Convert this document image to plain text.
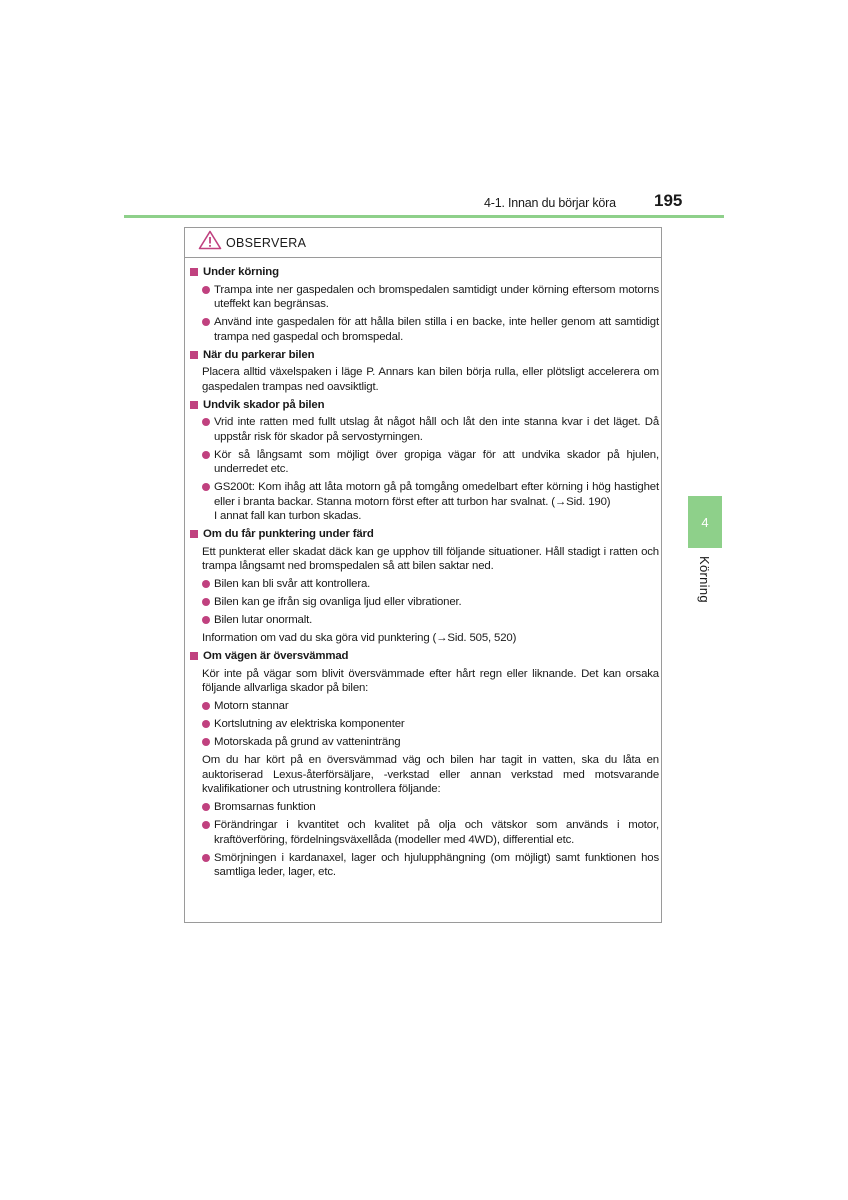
4-1. Innan du börjar köra 195
4
Körning
OBSERVERA
Under körning
Trampa inte ner gaspedalen och bromspedalen samtidigt under körning eftersom motorns uteffekt kan begränsas.
Använd inte gaspedalen för att hålla bilen stilla i en backe, inte heller genom att samtidigt trampa ned gaspedal och bromspedal.
När du parkerar bilen
Placera alltid växelspaken i läge P. Annars kan bilen börja rulla, eller plötsligt accelerera om gaspedalen trampas ned oavsiktligt.
Undvik skador på bilen
Vrid inte ratten med fullt utslag åt något håll och låt den inte stanna kvar i det läget. Då uppstår risk för skador på servostyrningen.
Kör så långsamt som möjligt över gropiga vägar för att undvika skador på hjulen, underredet etc.
GS200t: Kom ihåg att låta motorn gå på tomgång omedelbart efter körning i hög hastighet eller i branta backar. Stanna motorn först efter att turbon har svalnat. (→Sid. 190)
I annat fall kan turbon skadas.
Om du får punktering under färd
Ett punkterat eller skadat däck kan ge upphov till följande situationer. Håll stadigt i ratten och trampa långsamt ned bromspedalen så att bilen saktar ned.
Bilen kan bli svår att kontrollera.
Bilen kan ge ifrån sig ovanliga ljud eller vibrationer.
Bilen lutar onormalt.
Information om vad du ska göra vid punktering (→Sid. 505, 520)
Om vägen är översvämmad
Kör inte på vägar som blivit översvämmade efter hårt regn eller liknande. Det kan orsaka följande allvarliga skador på bilen:
Motorn stannar
Kortslutning av elektriska komponenter
Motorskada på grund av vatteninträng
Om du har kört på en översvämmad väg och bilen har tagit in vatten, ska du låta en auktoriserad Lexus-återförsäljare, -verkstad eller annan verkstad med motsvarande kvalifikationer och utrustning kontrollera följande:
Bromsarnas funktion
Förändringar i kvantitet och kvalitet på olja och vätskor som används i motor, kraftöverföring, fördelningsväxellåda (modeller med 4WD), differential etc.
Smörjningen i kardanaxel, lager och hjulupphängning (om möjligt) samt funktionen hos samtliga leder, lager, etc.
